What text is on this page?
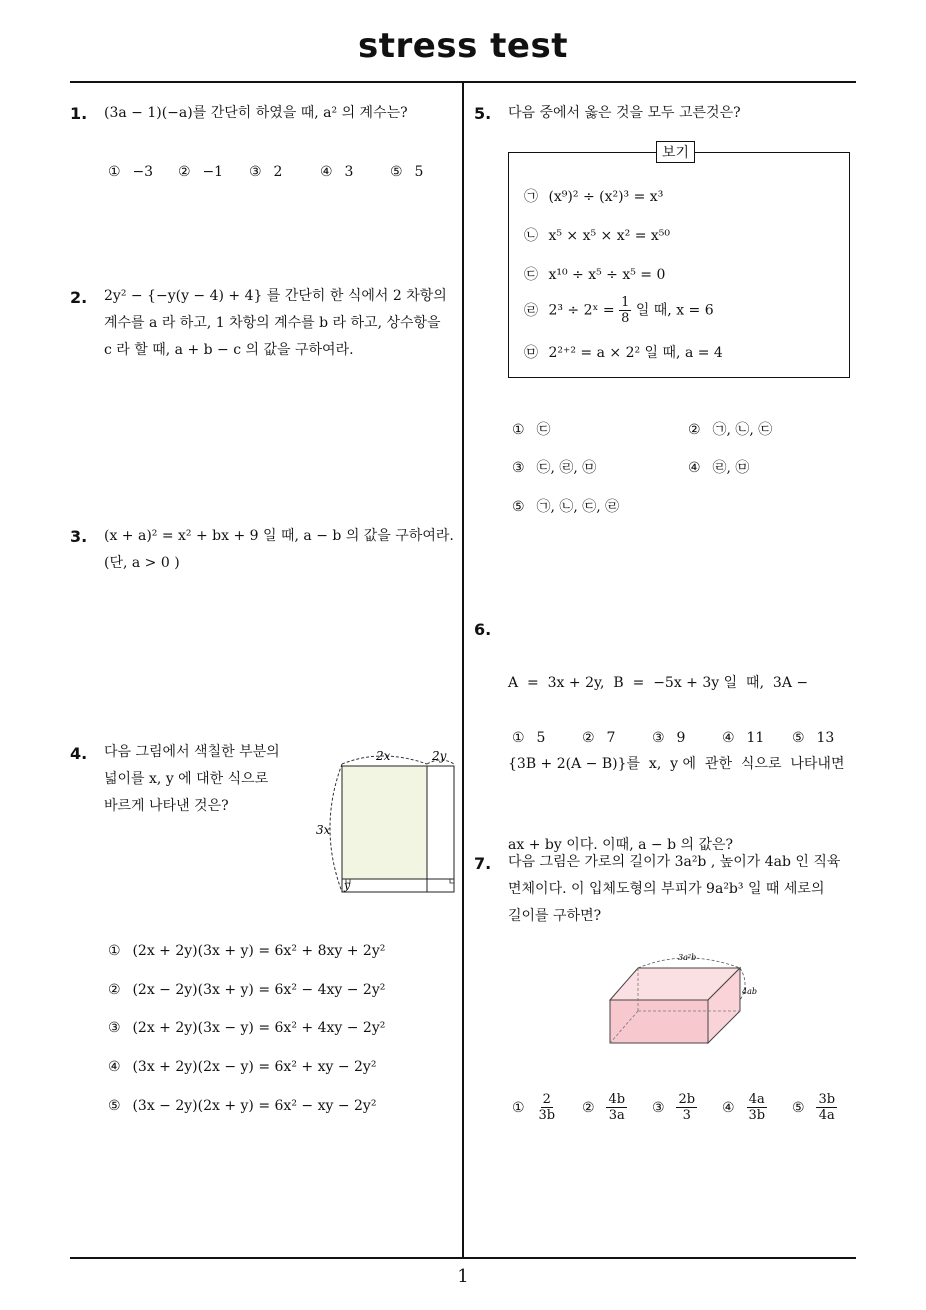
stress test
1
1. (3a − 1)(−a)를 간단히 하였을 때, a² 의 계수는?
① −3 ② −1 ③ 2	④ 3	⑤ 5
2. 2y² − {−y(y − 4) + 4} 를 간단히 한 식에서 2 차항의
계수를 a 라 하고, 1 차항의 계수를 b 라 하고, 상수항을
c 라 할 때, a + b − c 의 값을 구하여라.
3. (x + a)² = x² + bx + 9 일 때, a − b 의 값을 구하여라.
(단, a > 0 )
4. 다음 그림에서 색칠한 부분의
넓이를 x, y 에 대한 식으로
바르게 나타낸 것은?
2x	2y
3x
y
① (2x + 2y)(3x + y) = 6x² + 8xy + 2y²
② (2x − 2y)(3x + y) = 6x² − 4xy − 2y²
③ (2x + 2y)(3x − y) = 6x² + 4xy − 2y²
④ (3x + 2y)(2x − y) = 6x² + xy − 2y²
⑤ (3x − 2y)(2x + y) = 6x² − xy − 2y²
5. 다음 중에서 옳은 것을 모두 고른것은?
보기
㉠ (x⁹)² ÷ (x²)³ = x³
㉡ x⁵ × x⁵ × x² = x⁵⁰
㉢ x¹⁰ ÷ x⁵ ÷ x⁵ = 0
㉣ 2³ ÷ 2ˣ = $\frac{1}{8}$ 일 때, x = 6
㉤ 2²⁺² = a × 2² 일 때, a = 4
① ㉢	② ㉠, ㉡, ㉢
③ ㉢, ㉣, ㉤	④ ㉣, ㉤
⑤ ㉠, ㉡, ㉢, ㉣
6.

A  =  3x + 2y,  B  =  −5x + 3y 일  때,  3A −

{3B + 2(A − B)}를  x,  y 에  관한  식으로  나타내면

ax + by 이다. 이때, a − b 의 값은?

① 5	② 7	③ 9	④ 11 ⑤ 13
7. 다음 그림은 가로의 길이가 3a²b , 높이가 4ab 인 직육
면체이다. 이 입체도형의 부피가 9a²b³ 일 때 세로의
길이를 구하면?
3a²b
4ab
① $\frac{2}{3b}$ ② $\frac{4b}{3a}$ ③ $\frac{2b}{3}$ ④ $\frac{4a}{3b}$ ⑤ $\frac{3b}{4a}$
